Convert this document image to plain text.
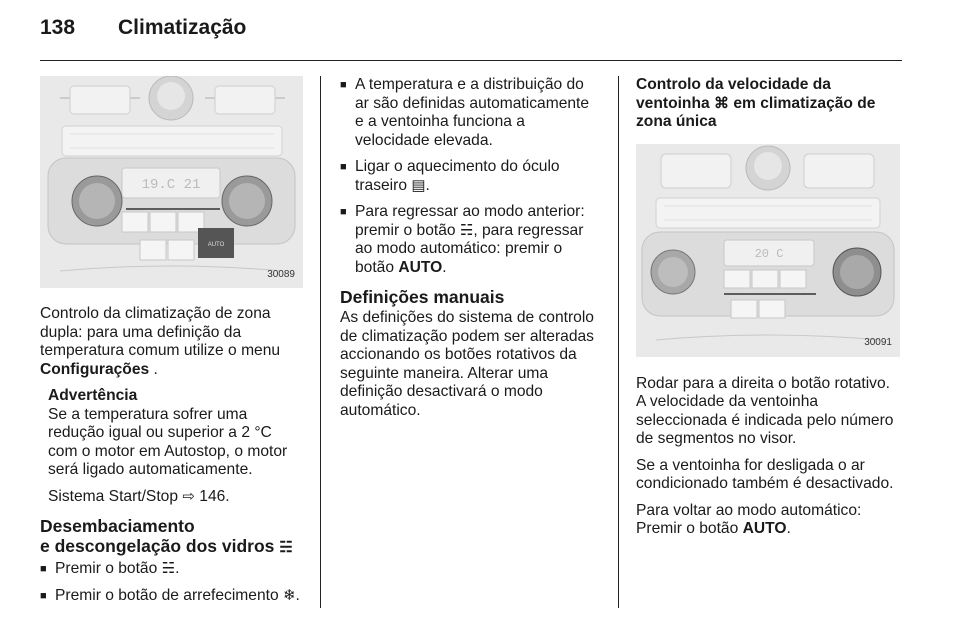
138 Climatização
19.C 21
AUTO
30089

Controlo da climatização de zona dupla: para uma definição da temperatura comum utilize o menu Configurações .

Advertência

Se a temperatura sofrer uma redução igual ou superior a 2 °C com o motor em Autostop, o motor será ligado automaticamente.

Sistema Start/Stop ⇨ 146.

Desembaciamento
e descongelação dos vidros ☵
■ Premir o botão ☵.
■ Premir o botão de arrefecimento ❄.
■ A temperatura e a distribuição do ar são definidas automaticamente e a ventoinha funciona a velocidade elevada.
■ Ligar o aquecimento do óculo traseiro ▤.
■ Para regressar ao modo anterior: premir o botão ☵, para regressar ao modo automático: premir o botão AUTO.
Definições manuais

As definições do sistema de controlo de climatização podem ser alteradas accionando os botões rotativos da seguinte maneira. Alterar uma definição desactivará o modo automático.

Controlo da velocidade da ventoinha ⌘ em climatização de zona única
20 C
30091

Rodar para a direita o botão rotativo. A velocidade da ventoinha seleccionada é indicada pelo número de segmentos no visor.

Se a ventoinha for desligada o ar condicionado também é desactivado.

Para voltar ao modo automático: Premir o botão AUTO.
